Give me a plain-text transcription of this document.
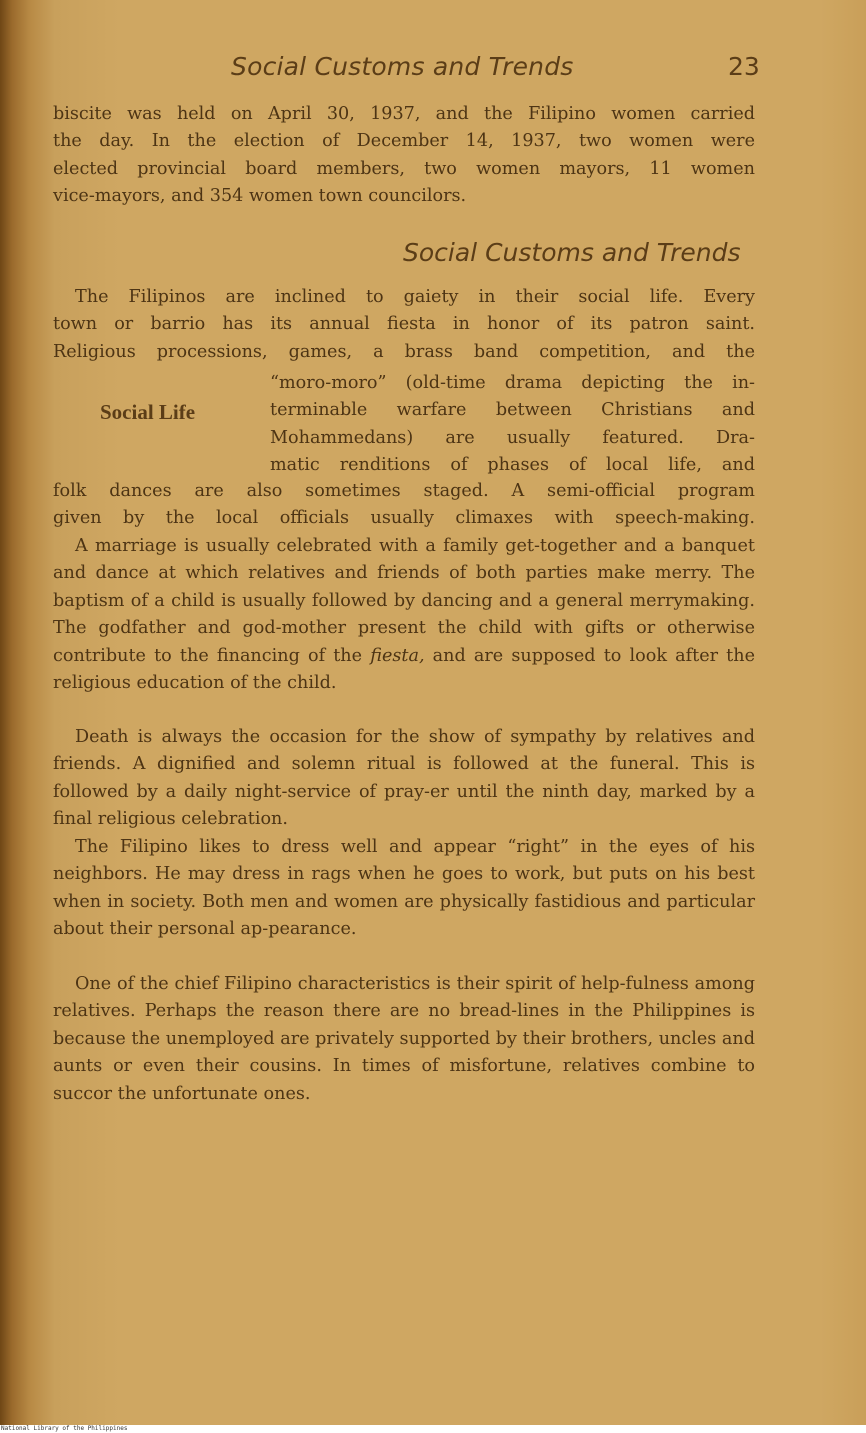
Social Customs and Trends	23

biscite was held on April 30, 1937, and the Filipino women carried

the day. In the election of December 14, 1937, two women were

elected provincial board members, two women mayors, 11 women

vice-mayors, and 354 women town councilors.

Social Customs and Trends

The Filipinos are inclined to gaiety in their social life. Every

town or barrio has its annual fiesta in honor of its patron saint.

Religious processions, games, a brass band competition, and the

Social Life

“moro-moro” (old-time drama depicting the in-

terminable warfare between Christians and

Mohammedans) are usually featured. Dra-

matic renditions of phases of local life, and

folk dances are also sometimes staged. A semi-official program

given by the local officials usually climaxes with speech-making.

A marriage is usually celebrated with a family get-together and a banquet and dance at which relatives and friends of both parties make merry. The baptism of a child is usually followed by dancing and a general merrymaking. The godfather and god-mother present the child with gifts or otherwise contribute to the financing of the fiesta, and are supposed to look after the religious education of the child.

Death is always the occasion for the show of sympathy by relatives and friends. A dignified and solemn ritual is followed at the funeral. This is followed by a daily night-service of pray-er until the ninth day, marked by a final religious celebration.

The Filipino likes to dress well and appear “right” in the eyes of his neighbors. He may dress in rags when he goes to work, but puts on his best when in society. Both men and women are physically fastidious and particular about their personal ap-pearance.

One of the chief Filipino characteristics is their spirit of help-fulness among relatives. Perhaps the reason there are no bread-lines in the Philippines is because the unemployed are privately supported by their brothers, uncles and aunts or even their cousins. In times of misfortune, relatives combine to succor the unfortunate ones.

National Library of the Philippines
